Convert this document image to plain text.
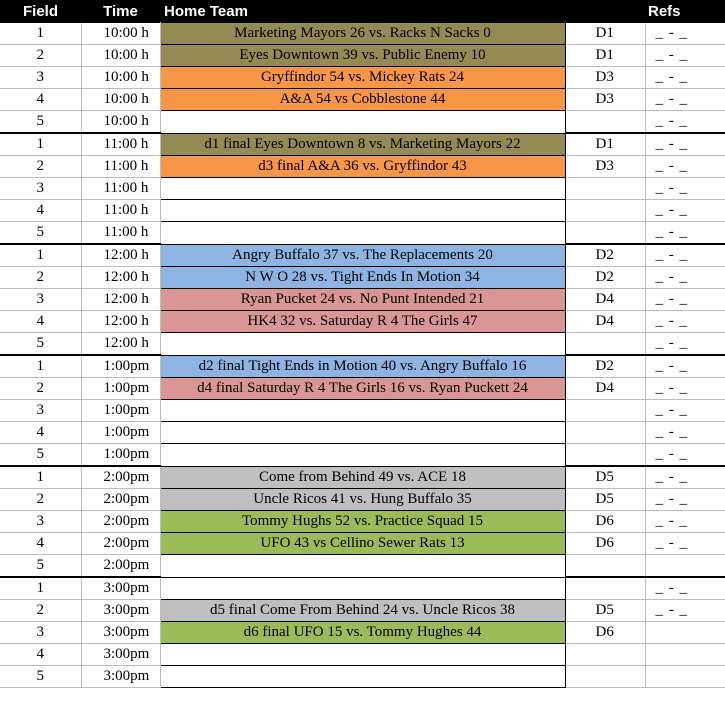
Field	Time	Home Team		Refs
1	10:00 h	Marketing Mayors 26 vs. Racks N Sacks 0	D1	_ - _
2	10:00 h	Eyes Downtown 39 vs. Public Enemy 10	D1	_ - _
3	10:00 h	Gryffindor 54 vs. Mickey Rats 24	D3	_ - _
4	10:00 h	A&A 54 vs Cobblestone 44	D3	_ - _
5	10:00 h			_ - _
1	11:00 h	d1 final Eyes Downtown 8 vs. Marketing Mayors 22	D1	_ - _
2	11:00 h	d3 final A&A 36 vs. Gryffindor 43	D3	_ - _
3	11:00 h			_ - _
4	11:00 h			_ - _
5	11:00 h			_ - _
1	12:00 h	Angry Buffalo 37 vs. The Replacements 20	D2	_ - _
2	12:00 h	N W O 28 vs. Tight Ends In Motion 34	D2	_ - _
3	12:00 h	Ryan Pucket 24 vs. No Punt Intended 21	D4	_ - _
4	12:00 h	HK4 32 vs. Saturday R 4 The Girls 47	D4	_ - _
5	12:00 h			_ - _
1	1:00pm	d2 final Tight Ends in Motion 40 vs. Angry Buffalo 16	D2	_ - _
2	1:00pm	d4 final Saturday R 4 The Girls 16 vs. Ryan Puckett 24	D4	_ - _
3	1:00pm			_ - _
4	1:00pm			_ - _
5	1:00pm			_ - _
1	2:00pm	Come from Behind 49 vs. ACE 18	D5	_ - _
2	2:00pm	Uncle Ricos 41 vs. Hung Buffalo 35	D5	_ - _
3	2:00pm	Tommy Hughs 52 vs. Practice Squad 15	D6	_ - _
4	2:00pm	UFO 43 vs Cellino Sewer Rats 13	D6	_ - _
5	2:00pm			
1	3:00pm			_ - _
2	3:00pm	d5 final Come From Behind 24 vs. Uncle Ricos 38	D5	_ - _
3	3:00pm	d6 final UFO 15 vs. Tommy Hughes 44	D6	
4	3:00pm			
5	3:00pm			
